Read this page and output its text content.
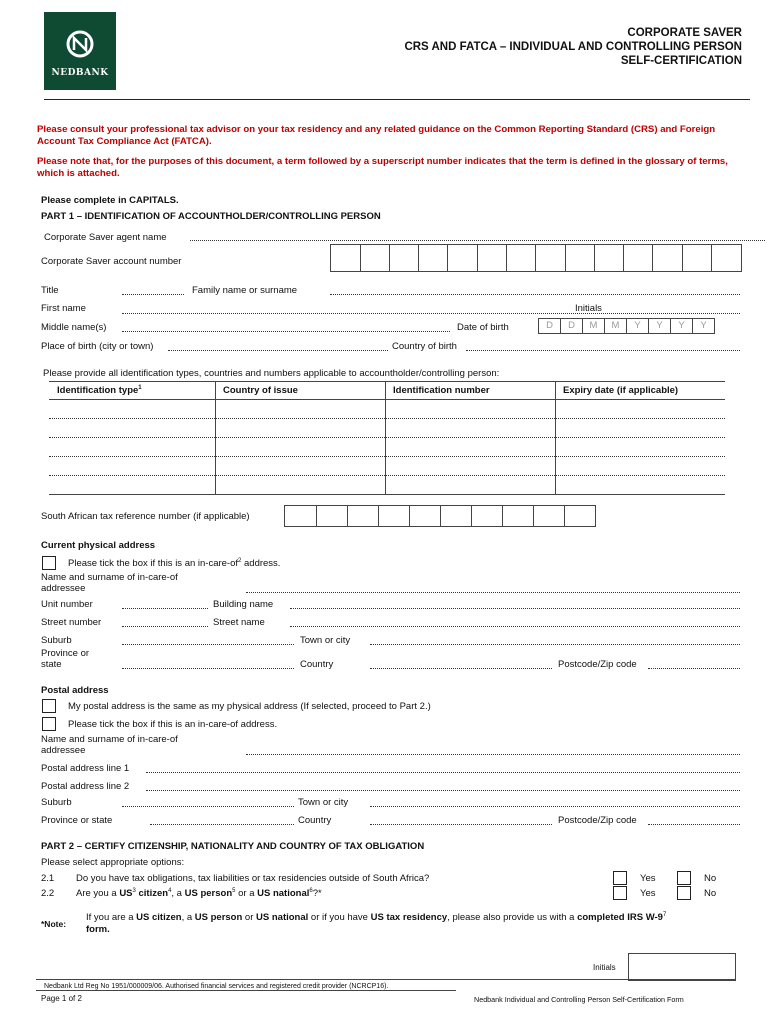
NEDBANK
CORPORATE SAVER
CRS AND FATCA – INDIVIDUAL AND CONTROLLING PERSON
SELF-CERTIFICATION
Please consult your professional tax advisor on your tax residency and any related guidance on the Common Reporting Standard (CRS) and Foreign Account Tax Compliance Act (FATCA).
Please note that, for the purposes of this document, a term followed by a superscript number indicates that the term is defined in the glossary of terms, which is attached.
Please complete in CAPITALS.
PART 1 – IDENTIFICATION OF ACCOUNTHOLDER/CONTROLLING PERSON
Corporate Saver agent name
Corporate Saver account number
Title	Family name or surname
First name	Initials
Middle name(s)	Date of birth	D	D	M	M	Y	Y	Y	Y
Place of birth (city or town)	Country of birth
Please provide all identification types, countries and numbers applicable to accountholder/controlling person:
Identification type$^1$	Country of issue	Identification number	Expiry date (if applicable)
South African tax reference number (if applicable)
Current physical address
Please tick the box if this is an $in-care-of^2$ address.
Name and surname of in-care-of
addressee
Unit number	Building name
Street number	Street name
Suburb	Town or city
Province or
state	Country	Postcode/Zip code
Postal address
My postal address is the same as my physical address (If selected, proceed to Part 2.)
Please tick the box if this is an in-care-of address.
Name and surname of in-care-of
addressee
Postal address line 1
Postal address line 2
Suburb	Town or city
Province or state	Country	Postcode/Zip code
PART 2 – CERTIFY CITIZENSHIP, NATIONALITY AND COUNTRY OF TAX OBLIGATION
Please select appropriate options:
2.1 Do you have tax obligations, tax liabilities or tax residencies outside of South Africa?	Yes	No
2.2 Are you a $US^3$ citizen$^4$, a US person$^5$ or a US national$^6$?*	Yes	No
*Note:
If you are a US citizen, a US person or US national or if you have US tax residency, please also provide us with a completed IRS $W-9^7$
form.
Initials
Nedbank Ltd Reg No 1951/000009/06. Authorised financial services and registered credit provider (NCRCP16).
Page 1 of 2	Nedbank Individual and Controlling Person Self-Certification Form
